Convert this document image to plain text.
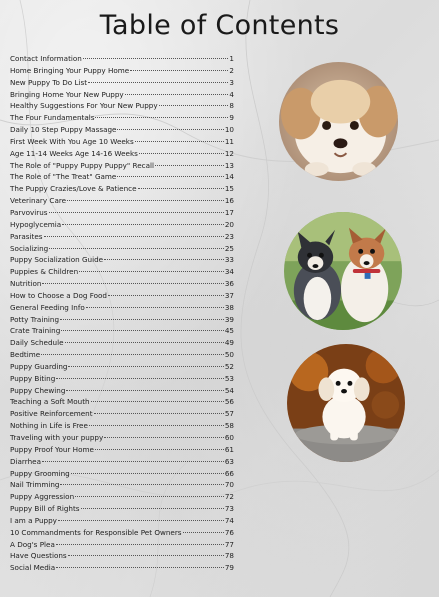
Table of Contents
Contact Information	1
Home Bringing Your Puppy Home	2
New Puppy To Do List	3
Bringing Home Your New Puppy	4
Healthy Suggestions For Your New Puppy	8
The Four Fundamentals	9
Daily 10 Step Puppy Massage	10
First Week With You Age 10 Weeks	11
Age 11-14 Weeks Age 14-16 Weeks	12
The Role of "Puppy Puppy Puppy" Recall	13
The Role of "The Treat" Game	14
The Puppy Crazies/Love & Patience	15
Veterinary Care	16
Parvovirus	17
Hypoglycemia	20
Parasites	23
Socializing	25
Puppy Socialization Guide	33
Puppies & Children	34
Nutrition	36
How to Choose a Dog Food	37
General Feeding Info	38
Potty Training	39
Crate Training	45
Daily Schedule	49
Bedtime	50
Puppy Guarding	52
Puppy Biting	53
Puppy Chewing	54
Teaching a Soft Mouth	56
Positive Reinforcement	57
Nothing in Life is Free	58
Traveling with your puppy	60
Puppy Proof Your Home	61
Diarrhea	63
Puppy Grooming	66
Nail Trimming	70
Puppy Aggression	72
Puppy Bill of Rights	73
I am a Puppy	74
10 Commandments for Responsible Pet Owners	76
A Dog's Plea	77
Have Questions	78
Social Media	79
